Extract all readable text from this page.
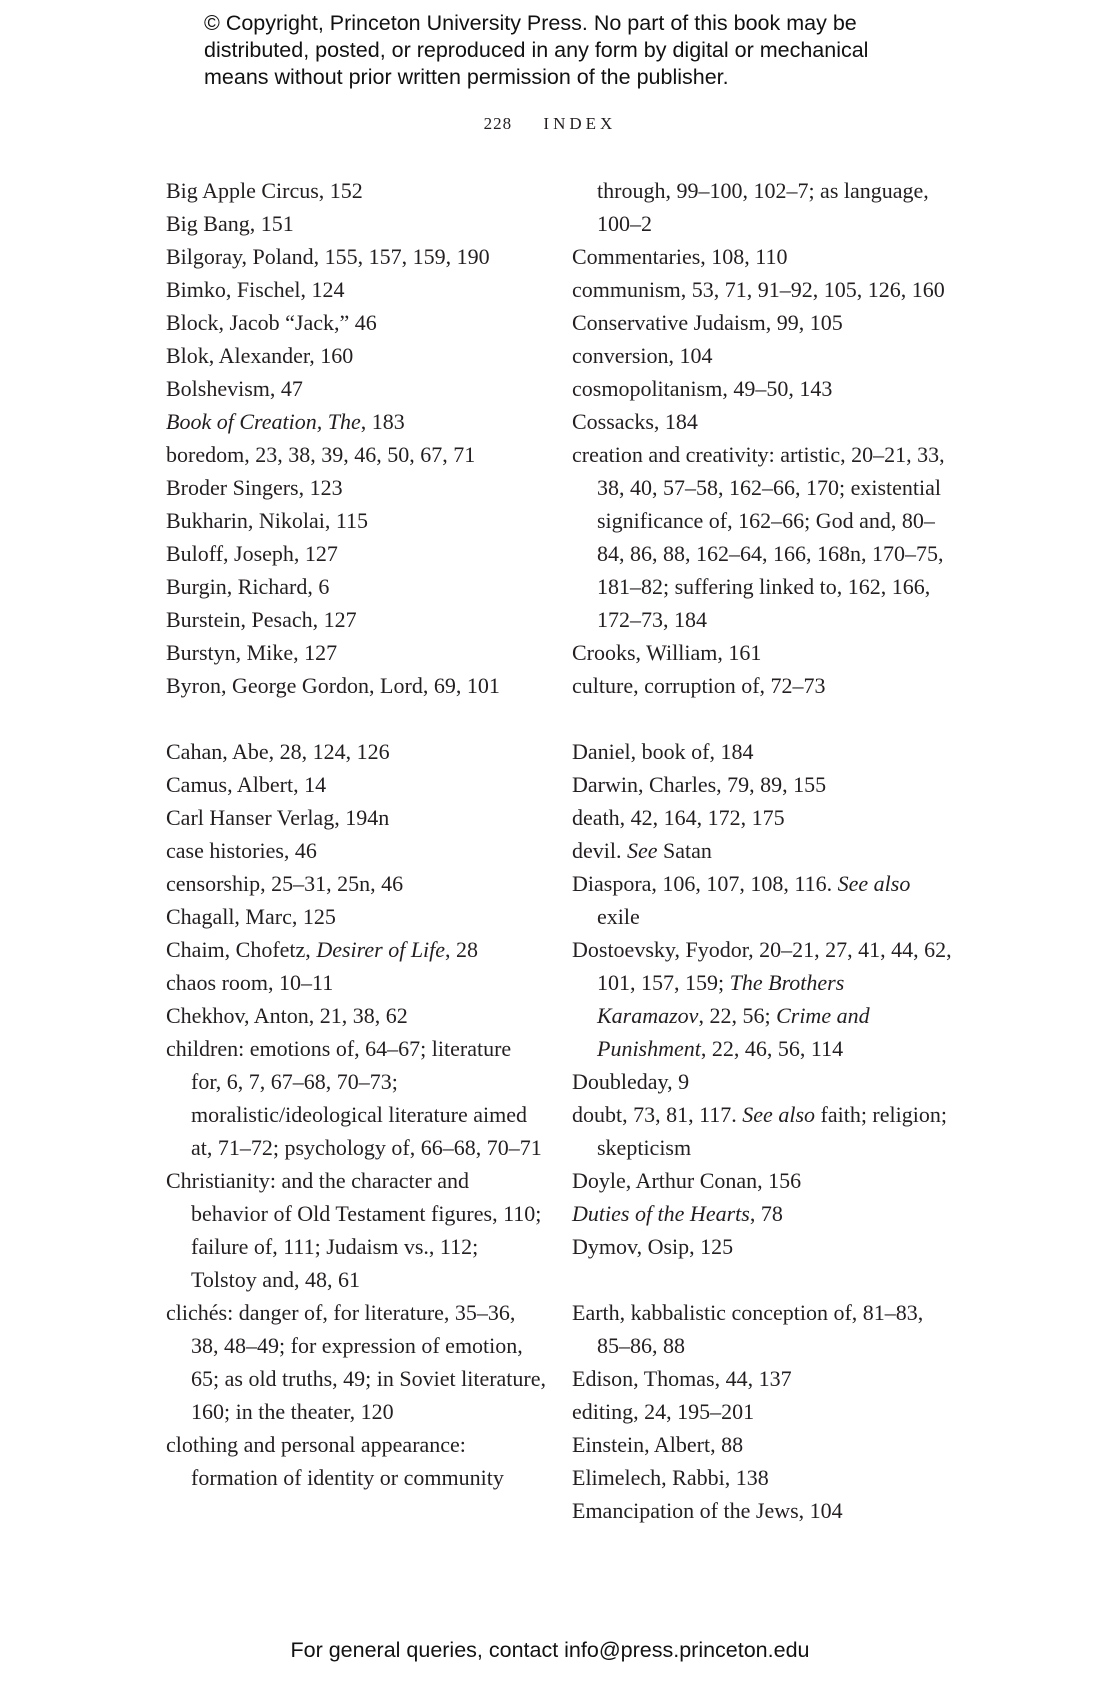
© Copyright, Princeton University Press. No part of this book may be
distributed, posted, or reproduced in any form by digital or mechanical
means without prior written permission of the publisher.
228 INDEX

Big Apple Circus, 152

Big Bang, 151

Bilgoray, Poland, 155, 157, 159, 190

Bimko, Fischel, 124

Block, Jacob “Jack,” 46

Blok, Alexander, 160

Bolshevism, 47

Book of Creation, The, 183

boredom, 23, 38, 39, 46, 50, 67, 71

Broder Singers, 123

Bukharin, Nikolai, 115

Buloff, Joseph, 127

Burgin, Richard, 6

Burstein, Pesach, 127

Burstyn, Mike, 127

Byron, George Gordon, Lord, 69, 101

Cahan, Abe, 28, 124, 126

Camus, Albert, 14

Carl Hanser Verlag, 194n

case histories, 46

censorship, 25–31, 25n, 46

Chagall, Marc, 125

Chaim, Chofetz, Desirer of Life, 28

chaos room, 10–11

Chekhov, Anton, 21, 38, 62

children: emotions of, 64–67; literature for, 6, 7, 67–68, 70–73; moralistic/ideological literature aimed at, 71–72; psychology of, 66–68, 70–71

Christianity: and the character and behavior of Old Testament figures, 110; failure of, 111; Judaism vs., 112; Tolstoy and, 48, 61

clichés: danger of, for literature, 35–36, 38, 48–49; for expression of emotion, 65; as old truths, 49; in Soviet literature, 160; in the theater, 120

clothing and personal appearance: formation of identity or community

through, 99–100, 102–7; as language, 100–2

Commentaries, 108, 110

communism, 53, 71, 91–92, 105, 126, 160

Conservative Judaism, 99, 105

conversion, 104

cosmopolitanism, 49–50, 143

Cossacks, 184

creation and creativity: artistic, 20–21, 33, 38, 40, 57–58, 162–66, 170; existential significance of, 162–66; God and, 80–84, 86, 88, 162–64, 166, 168n, 170–75, 181–82; suffering linked to, 162, 166, 172–73, 184

Crooks, William, 161

culture, corruption of, 72–73

Daniel, book of, 184

Darwin, Charles, 79, 89, 155

death, 42, 164, 172, 175

devil. See Satan

Diaspora, 106, 107, 108, 116. See also exile

Dostoevsky, Fyodor, 20–21, 27, 41, 44, 62, 101, 157, 159; The Brothers Karamazov, 22, 56; Crime and Punishment, 22, 46, 56, 114

Doubleday, 9

doubt, 73, 81, 117. See also faith; religion; skepticism

Doyle, Arthur Conan, 156

Duties of the Hearts, 78

Dymov, Osip, 125

Earth, kabbalistic conception of, 81–83, 85–86, 88

Edison, Thomas, 44, 137

editing, 24, 195–201

Einstein, Albert, 88

Elimelech, Rabbi, 138

Emancipation of the Jews, 104

For general queries, contact info@press.princeton.edu
